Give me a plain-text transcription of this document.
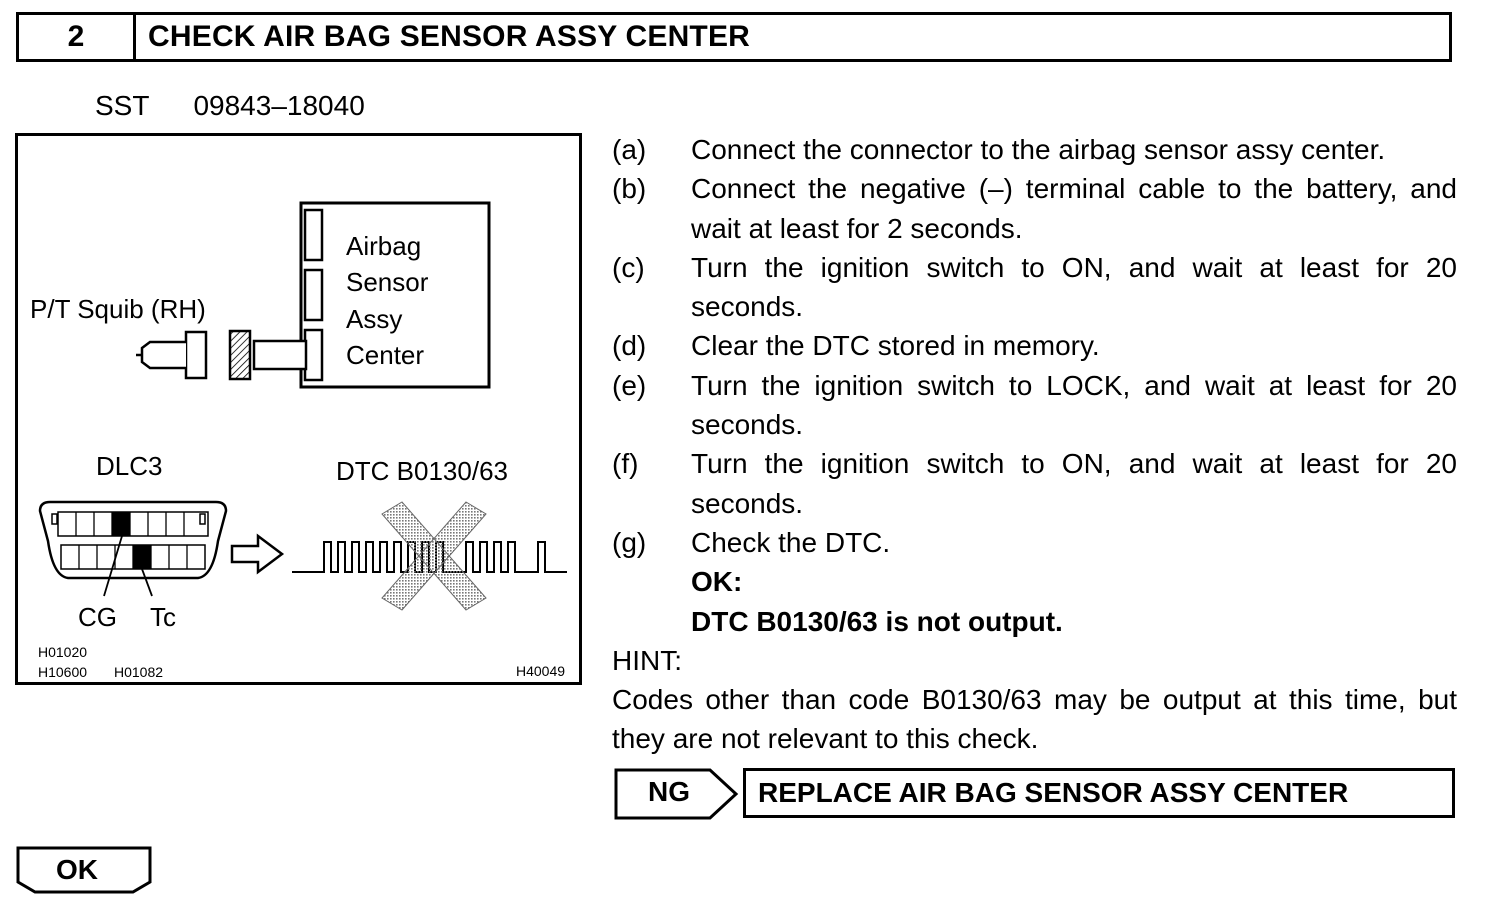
2	CHECK AIR BAG SENSOR ASSY CENTER
SST 09843–18040
Airbag
Sensor
Assy
Center
P/T Squib (RH)
DLC3	DTC B0130/63
CG Tc
H01020
H10600 H01082	H40049
(a)	Connect the connector to the airbag sensor assy center.
(b)	Connect the negative (–) terminal cable to the battery, and wait at least for 2 seconds.
(c)	Turn the ignition switch to ON, and wait at least for 20 seconds.
(d)	Clear the DTC stored in memory.
(e)	Turn the ignition switch to LOCK, and wait at least for 20 seconds.
(f)	Turn the ignition switch to ON, and wait at least for 20 seconds.
(g)	Check the DTC.
OK:
DTC B0130/63 is not output.
HINT:
Codes other than code B0130/63 may be output at this time, but they are not relevant to this check.
NG REPLACE AIR BAG SENSOR ASSY CENTER
OK
